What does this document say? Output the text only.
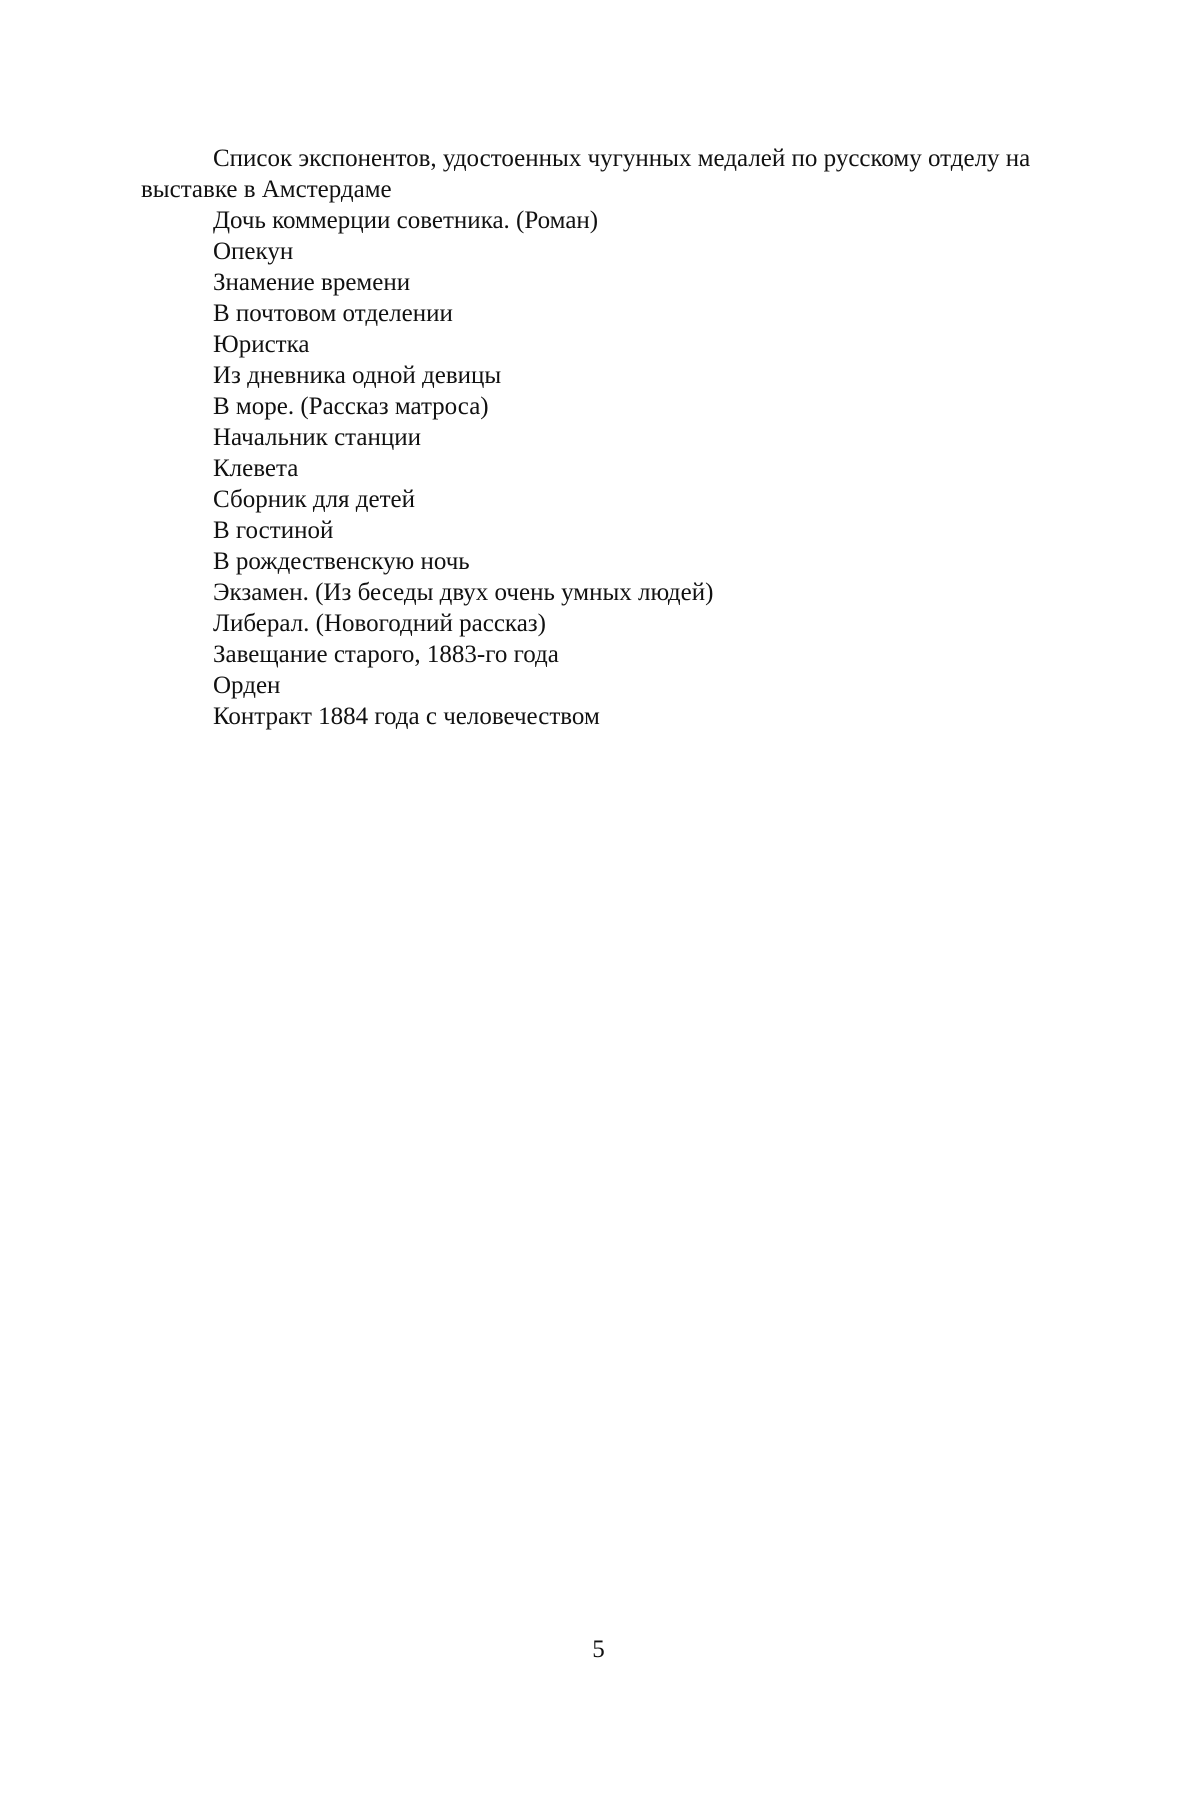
Список экспонентов, удостоенных чугунных медалей по русскому отделу на
выставке в Амстердаме

Дочь коммерции советника. (Роман)

Опекун

Знамение времени

В почтовом отделении

Юристка

Из дневника одной девицы

В море. (Рассказ матроса)

Начальник станции

Клевета

Сборник для детей

В гостиной

В рождественскую ночь

Экзамен. (Из беседы двух очень умных людей)

Либерал. (Новогодний рассказ)

Завещание старого, 1883-го года

Орден

Контракт 1884 года с человечеством

5
